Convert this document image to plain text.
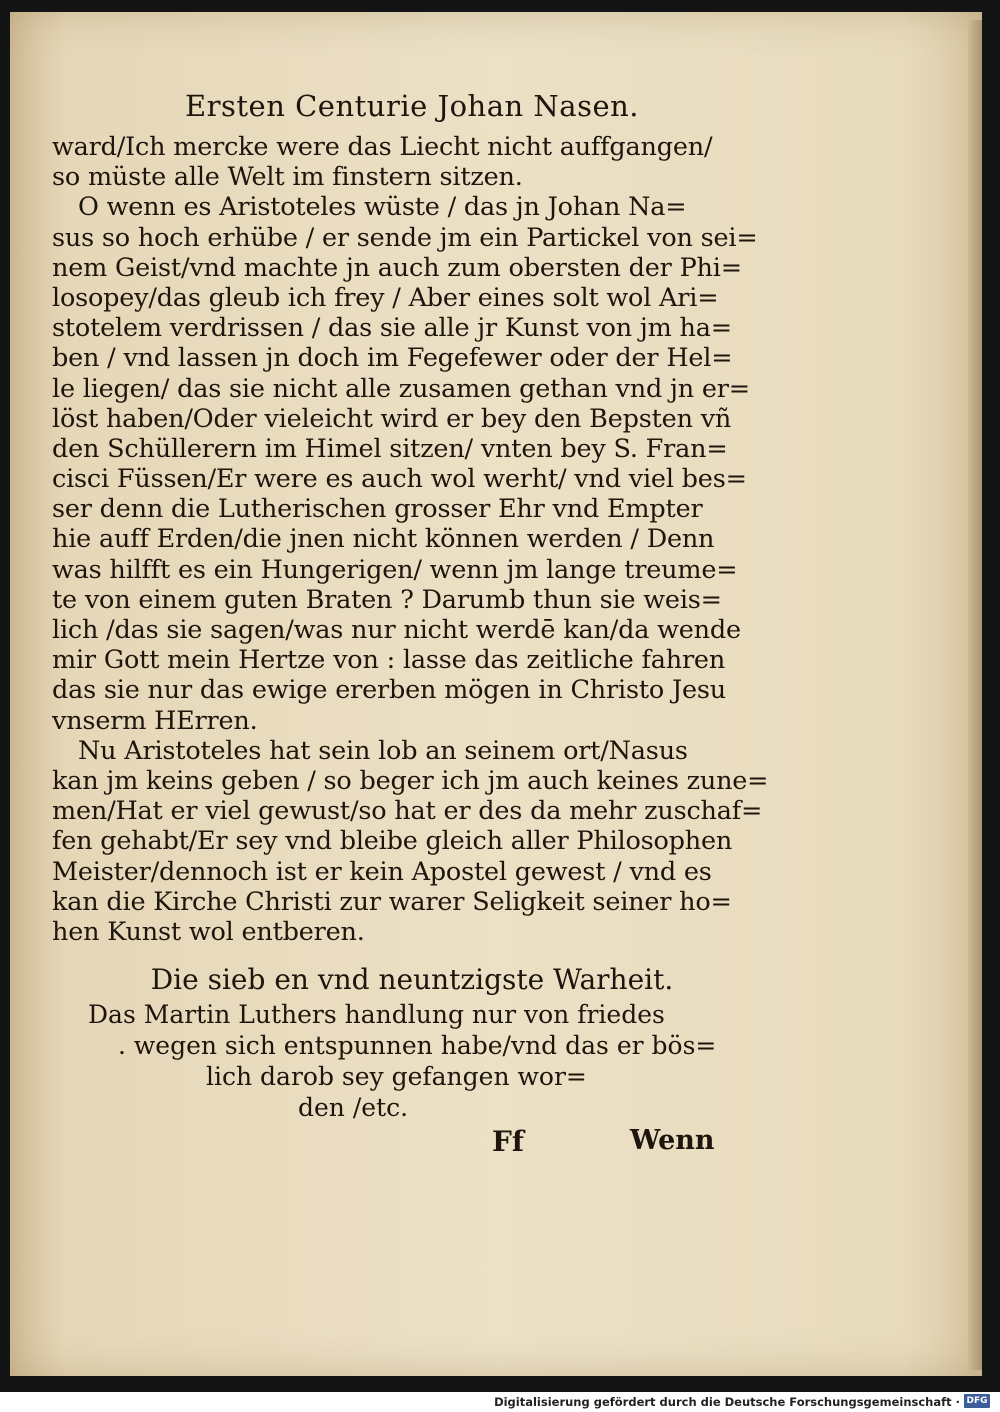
Ersten Centurie Johan Nasen.
ward/Ich mercke were das Liecht nicht auffgangen/
so müste alle Welt im finstern sitzen.
O wenn es Aristoteles wüste / das jn Johan Na=
sus so hoch erhübe / er sende jm ein Partickel von sei=
nem Geist/vnd machte jn auch zum obersten der Phi=
losopey/das gleub ich frey / Aber eines solt wol Ari=
stotelem verdrissen / das sie alle jr Kunst von jm ha=
ben / vnd lassen jn doch im Fegefewer oder der Hel=
le liegen/ das sie nicht alle zusamen gethan vnd jn er=
löst haben/Oder vieleicht wird er bey den Bepsten vñ
den Schüllerern im Himel sitzen/ vnten bey S. Fran=
cisci Füssen/Er were es auch wol werht/ vnd viel bes=
ser denn die Lutherischen grosser Ehr vnd Empter
hie auff Erden/die jnen nicht können werden / Denn
was hilfft es ein Hungerigen/ wenn jm lange treume=
te von einem guten Braten ? Darumb thun sie weis=
lich /das sie sagen/was nur nicht werdē kan/da wende
mir Gott mein Hertze von : lasse das zeitliche fahren
das sie nur das ewige ererben mögen in Christo Jesu
vnserm HErren.
Nu Aristoteles hat sein lob an seinem ort/Nasus
kan jm keins geben / so beger ich jm auch keines zune=
men/Hat er viel gewust/so hat er des da mehr zuschaf=
fen gehabt/Er sey vnd bleibe gleich aller Philosophen
Meister/dennoch ist er kein Apostel gewest / vnd es
kan die Kirche Christi zur warer Seligkeit seiner ho=
hen Kunst wol entberen.
Die sieb en vnd neuntzigste Warheit.
Das Martin Luthers handlung nur von friedes
. wegen sich entspunnen habe/vnd das er bös=
lich darob sey gefangen wor=
den /etc.
Ff	Wenn
Digitalisierung gefördert durch die Deutsche Forschungsgemeinschaft · DFG
